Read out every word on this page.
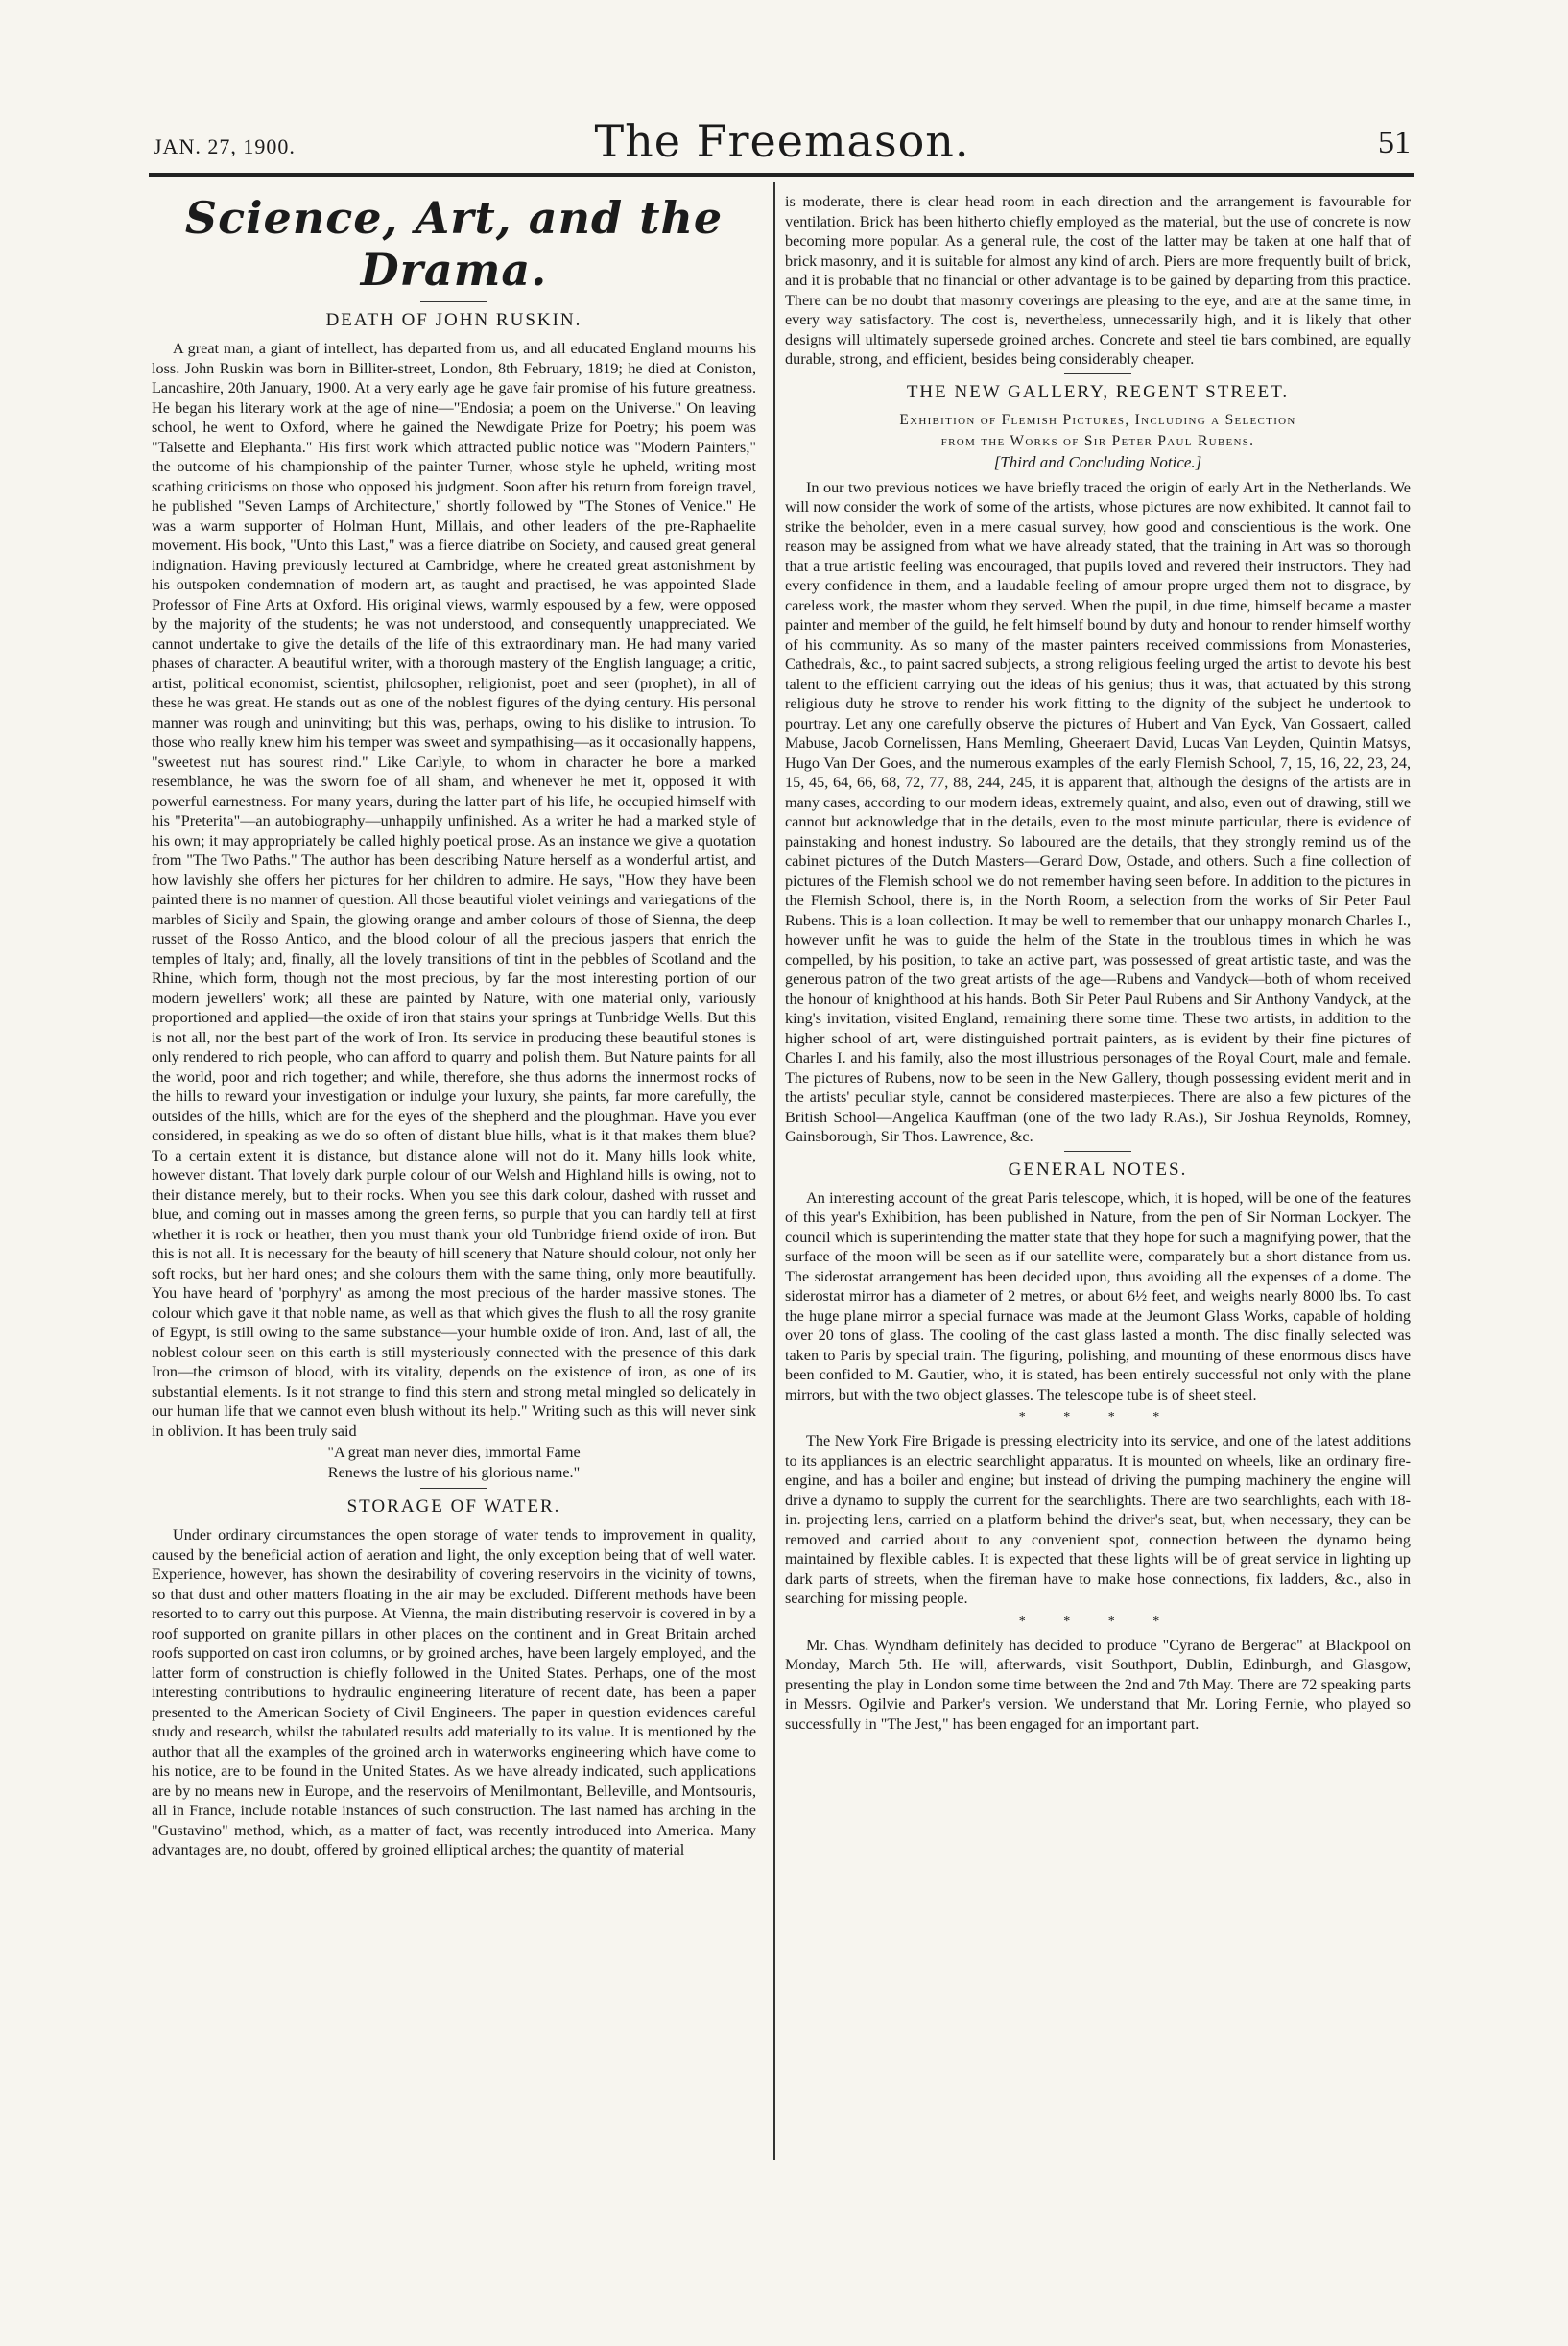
JAN. 27, 1900.	The Freemason.	51
Science, Art, and the Drama.
DEATH OF JOHN RUSKIN.

A great man, a giant of intellect, has departed from us, and all educated England mourns his loss. John Ruskin was born in Billiter-street, London, 8th February, 1819; he died at Coniston, Lancashire, 20th January, 1900. At a very early age he gave fair promise of his future greatness. He began his literary work at the age of nine—"Endosia; a poem on the Universe." On leaving school, he went to Oxford, where he gained the Newdigate Prize for Poetry; his poem was "Talsette and Elephanta." His first work which attracted public notice was "Modern Painters," the outcome of his championship of the painter Turner, whose style he upheld, writing most scathing criticisms on those who opposed his judgment. Soon after his return from foreign travel, he published "Seven Lamps of Architecture," shortly followed by "The Stones of Venice." He was a warm supporter of Holman Hunt, Millais, and other leaders of the pre-Raphaelite movement. His book, "Unto this Last," was a fierce diatribe on Society, and caused great general indignation. Having previously lectured at Cambridge, where he created great astonishment by his outspoken condemnation of modern art, as taught and practised, he was appointed Slade Professor of Fine Arts at Oxford. His original views, warmly espoused by a few, were opposed by the majority of the students; he was not understood, and consequently unappreciated. We cannot undertake to give the details of the life of this extraordinary man. He had many varied phases of character. A beautiful writer, with a thorough mastery of the English language; a critic, artist, political economist, scientist, philosopher, religionist, poet and seer (prophet), in all of these he was great. He stands out as one of the noblest figures of the dying century. His personal manner was rough and uninviting; but this was, perhaps, owing to his dislike to intrusion. To those who really knew him his temper was sweet and sympathising—as it occasionally happens, "sweetest nut has sourest rind." Like Carlyle, to whom in character he bore a marked resemblance, he was the sworn foe of all sham, and whenever he met it, opposed it with powerful earnestness. For many years, during the latter part of his life, he occupied himself with his "Preterita"—an autobiography—unhappily unfinished. As a writer he had a marked style of his own; it may appropriately be called highly poetical prose. As an instance we give a quotation from "The Two Paths." The author has been describing Nature herself as a wonderful artist, and how lavishly she offers her pictures for her children to admire. He says, "How they have been painted there is no manner of question. All those beautiful violet veinings and variegations of the marbles of Sicily and Spain, the glowing orange and amber colours of those of Sienna, the deep russet of the Rosso Antico, and the blood colour of all the precious jaspers that enrich the temples of Italy; and, finally, all the lovely transitions of tint in the pebbles of Scotland and the Rhine, which form, though not the most precious, by far the most interesting portion of our modern jewellers' work; all these are painted by Nature, with one material only, variously proportioned and applied—the oxide of iron that stains your springs at Tunbridge Wells. But this is not all, nor the best part of the work of Iron. Its service in producing these beautiful stones is only rendered to rich people, who can afford to quarry and polish them. But Nature paints for all the world, poor and rich together; and while, therefore, she thus adorns the innermost rocks of the hills to reward your investigation or indulge your luxury, she paints, far more carefully, the outsides of the hills, which are for the eyes of the shepherd and the ploughman. Have you ever considered, in speaking as we do so often of distant blue hills, what is it that makes them blue? To a certain extent it is distance, but distance alone will not do it. Many hills look white, however distant. That lovely dark purple colour of our Welsh and Highland hills is owing, not to their distance merely, but to their rocks. When you see this dark colour, dashed with russet and blue, and coming out in masses among the green ferns, so purple that you can hardly tell at first whether it is rock or heather, then you must thank your old Tunbridge friend oxide of iron. But this is not all. It is necessary for the beauty of hill scenery that Nature should colour, not only her soft rocks, but her hard ones; and she colours them with the same thing, only more beautifully. You have heard of 'porphyry' as among the most precious of the harder massive stones. The colour which gave it that noble name, as well as that which gives the flush to all the rosy granite of Egypt, is still owing to the same substance—your humble oxide of iron. And, last of all, the noblest colour seen on this earth is still mysteriously connected with the presence of this dark Iron—the crimson of blood, with its vitality, depends on the existence of iron, as one of its substantial elements. Is it not strange to find this stern and strong metal mingled so delicately in our human life that we cannot even blush without its help." Writing such as this will never sink in oblivion. It has been truly said

"A great man never dies, immortal Fame
Renews the lustre of his glorious name."
STORAGE OF WATER.

Under ordinary circumstances the open storage of water tends to improvement in quality, caused by the beneficial action of aeration and light, the only exception being that of well water. Experience, however, has shown the desirability of covering reservoirs in the vicinity of towns, so that dust and other matters floating in the air may be excluded. Different methods have been resorted to to carry out this purpose. At Vienna, the main distributing reservoir is covered in by a roof supported on granite pillars in other places on the continent and in Great Britain arched roofs supported on cast iron columns, or by groined arches, have been largely employed, and the latter form of construction is chiefly followed in the United States. Perhaps, one of the most interesting contributions to hydraulic engineering literature of recent date, has been a paper presented to the American Society of Civil Engineers. The paper in question evidences careful study and research, whilst the tabulated results add materially to its value. It is mentioned by the author that all the examples of the groined arch in waterworks engineering which have come to his notice, are to be found in the United States. As we have already indicated, such applications are by no means new in Europe, and the reservoirs of Menilmontant, Belleville, and Montsouris, all in France, include notable instances of such construction. The last named has arching in the "Gustavino" method, which, as a matter of fact, was recently introduced into America. Many advantages are, no doubt, offered by groined elliptical arches; the quantity of material

is moderate, there is clear head room in each direction and the arrangement is favourable for ventilation. Brick has been hitherto chiefly employed as the material, but the use of concrete is now becoming more popular. As a general rule, the cost of the latter may be taken at one half that of brick masonry, and it is suitable for almost any kind of arch. Piers are more frequently built of brick, and it is probable that no financial or other advantage is to be gained by departing from this practice. There can be no doubt that masonry coverings are pleasing to the eye, and are at the same time, in every way satisfactory. The cost is, nevertheless, unnecessarily high, and it is likely that other designs will ultimately supersede groined arches. Concrete and steel tie bars combined, are equally durable, strong, and efficient, besides being considerably cheaper.

THE NEW GALLERY, REGENT STREET.
Exhibition of Flemish Pictures, Including a Selection
from the Works of Sir Peter Paul Rubens.
[Third and Concluding Notice.]

In our two previous notices we have briefly traced the origin of early Art in the Netherlands. We will now consider the work of some of the artists, whose pictures are now exhibited. It cannot fail to strike the beholder, even in a mere casual survey, how good and conscientious is the work. One reason may be assigned from what we have already stated, that the training in Art was so thorough that a true artistic feeling was encouraged, that pupils loved and revered their instructors. They had every confidence in them, and a laudable feeling of amour propre urged them not to disgrace, by careless work, the master whom they served. When the pupil, in due time, himself became a master painter and member of the guild, he felt himself bound by duty and honour to render himself worthy of his community. As so many of the master painters received commissions from Monasteries, Cathedrals, &c., to paint sacred subjects, a strong religious feeling urged the artist to devote his best talent to the efficient carrying out the ideas of his genius; thus it was, that actuated by this strong religious duty he strove to render his work fitting to the dignity of the subject he undertook to pourtray. Let any one carefully observe the pictures of Hubert and Van Eyck, Van Gossaert, called Mabuse, Jacob Cornelissen, Hans Memling, Gheeraert David, Lucas Van Leyden, Quintin Matsys, Hugo Van Der Goes, and the numerous examples of the early Flemish School, 7, 15, 16, 22, 23, 24, 15, 45, 64, 66, 68, 72, 77, 88, 244, 245, it is apparent that, although the designs of the artists are in many cases, according to our modern ideas, extremely quaint, and also, even out of drawing, still we cannot but acknowledge that in the details, even to the most minute particular, there is evidence of painstaking and honest industry. So laboured are the details, that they strongly remind us of the cabinet pictures of the Dutch Masters—Gerard Dow, Ostade, and others. Such a fine collection of pictures of the Flemish school we do not remember having seen before. In addition to the pictures in the Flemish School, there is, in the North Room, a selection from the works of Sir Peter Paul Rubens. This is a loan collection. It may be well to remember that our unhappy monarch Charles I., however unfit he was to guide the helm of the State in the troublous times in which he was compelled, by his position, to take an active part, was possessed of great artistic taste, and was the generous patron of the two great artists of the age—Rubens and Vandyck—both of whom received the honour of knighthood at his hands. Both Sir Peter Paul Rubens and Sir Anthony Vandyck, at the king's invitation, visited England, remaining there some time. These two artists, in addition to the higher school of art, were distinguished portrait painters, as is evident by their fine pictures of Charles I. and his family, also the most illustrious personages of the Royal Court, male and female. The pictures of Rubens, now to be seen in the New Gallery, though possessing evident merit and in the artists' peculiar style, cannot be considered masterpieces. There are also a few pictures of the British School—Angelica Kauffman (one of the two lady R.As.), Sir Joshua Reynolds, Romney, Gainsborough, Sir Thos. Lawrence, &c.

GENERAL NOTES.

An interesting account of the great Paris telescope, which, it is hoped, will be one of the features of this year's Exhibition, has been published in Nature, from the pen of Sir Norman Lockyer. The council which is superintending the matter state that they hope for such a magnifying power, that the surface of the moon will be seen as if our satellite were, comparately but a short distance from us. The siderostat arrangement has been decided upon, thus avoiding all the expenses of a dome. The siderostat mirror has a diameter of 2 metres, or about 6½ feet, and weighs nearly 8000 lbs. To cast the huge plane mirror a special furnace was made at the Jeumont Glass Works, capable of holding over 20 tons of glass. The cooling of the cast glass lasted a month. The disc finally selected was taken to Paris by special train. The figuring, polishing, and mounting of these enormous discs have been confided to M. Gautier, who, it is stated, has been entirely successful not only with the plane mirrors, but with the two object glasses. The telescope tube is of sheet steel.

* * * *

The New York Fire Brigade is pressing electricity into its service, and one of the latest additions to its appliances is an electric searchlight apparatus. It is mounted on wheels, like an ordinary fire-engine, and has a boiler and engine; but instead of driving the pumping machinery the engine will drive a dynamo to supply the current for the searchlights. There are two searchlights, each with 18-in. projecting lens, carried on a platform behind the driver's seat, but, when necessary, they can be removed and carried about to any convenient spot, connection between the dynamo being maintained by flexible cables. It is expected that these lights will be of great service in lighting up dark parts of streets, when the fireman have to make hose connections, fix ladders, &c., also in searching for missing people.

* * * *

Mr. Chas. Wyndham definitely has decided to produce "Cyrano de Bergerac" at Blackpool on Monday, March 5th. He will, afterwards, visit Southport, Dublin, Edinburgh, and Glasgow, presenting the play in London some time between the 2nd and 7th May. There are 72 speaking parts in Messrs. Ogilvie and Parker's version. We understand that Mr. Loring Fernie, who played so successfully in "The Jest," has been engaged for an important part.
